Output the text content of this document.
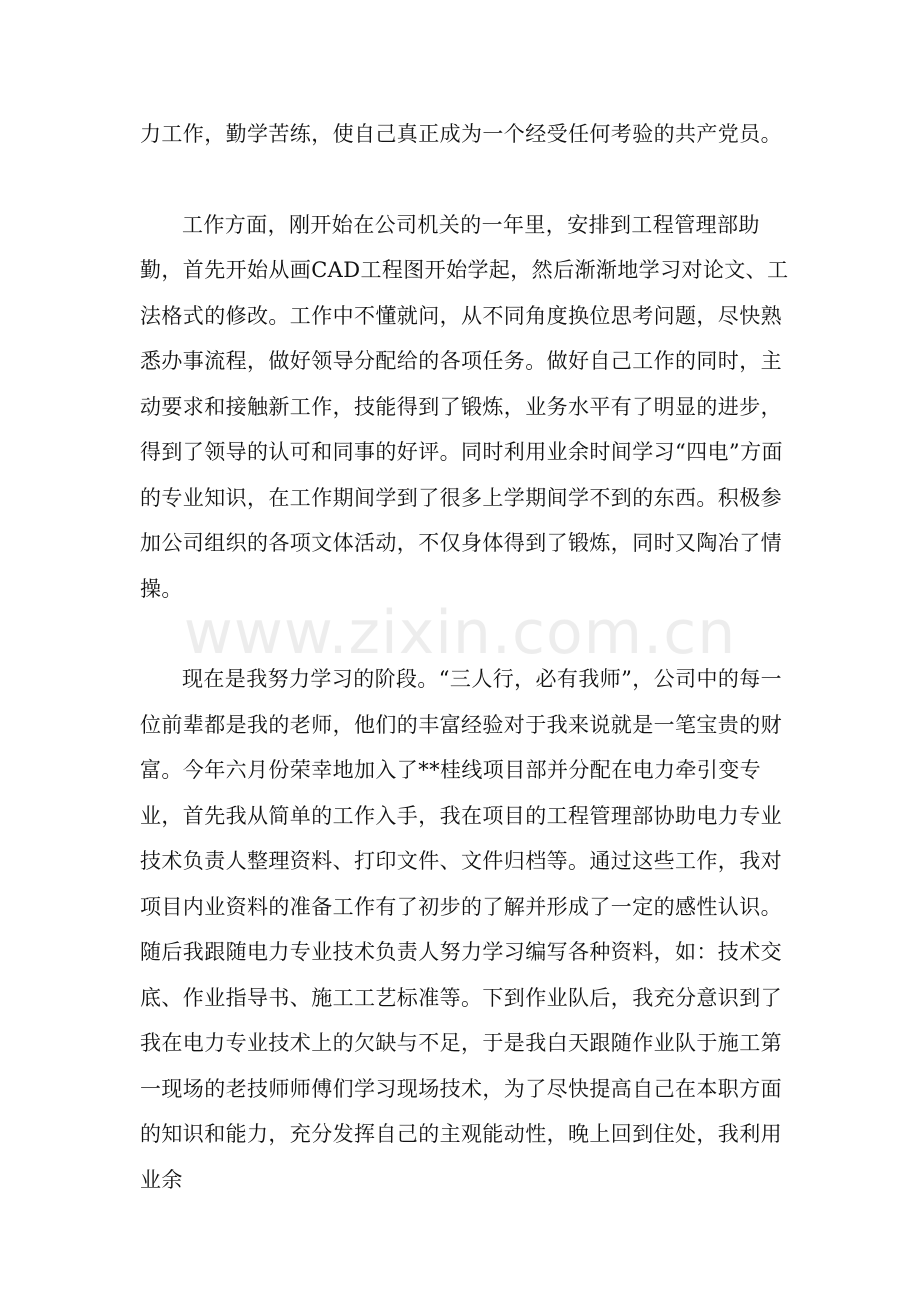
力工作，勤学苦练，使自己真正成为一个经受任何考验的共产党员。

工作方面，刚开始在公司机关的一年里，安排到工程管理部助勤，首先开始从画CAD工程图开始学起，然后渐渐地学习对论文、工法格式的修改。工作中不懂就问，从不同角度换位思考问题，尽快熟悉办事流程，做好领导分配给的各项任务。做好自己工作的同时，主动要求和接触新工作，技能得到了锻炼，业务水平有了明显的进步，得到了领导的认可和同事的好评。同时利用业余时间学习“四电”方面的专业知识，在工作期间学到了很多上学期间学不到的东西。积极参加公司组织的各项文体活动，不仅身体得到了锻炼，同时又陶冶了情操。

现在是我努力学习的阶段。“三人行，必有我师”，公司中的每一位前辈都是我的老师，他们的丰富经验对于我来说就是一笔宝贵的财富。今年六月份荣幸地加入了**桂线项目部并分配在电力牵引变专业，首先我从简单的工作入手，我在项目的工程管理部协助电力专业技术负责人整理资料、打印文件、文件归档等。通过这些工作，我对项目内业资料的准备工作有了初步的了解并形成了一定的感性认识。随后我跟随电力专业技术负责人努力学习编写各种资料，如：技术交底、作业指导书、施工工艺标准等。下到作业队后，我充分意识到了我在电力专业技术上的欠缺与不足，于是我白天跟随作业队于施工第一现场的老技师师傅们学习现场技术，为了尽快提高自己在本职方面的知识和能力，充分发挥自己的主观能动性，晚上回到住处，我利用业余

www.zixin.com.cn
